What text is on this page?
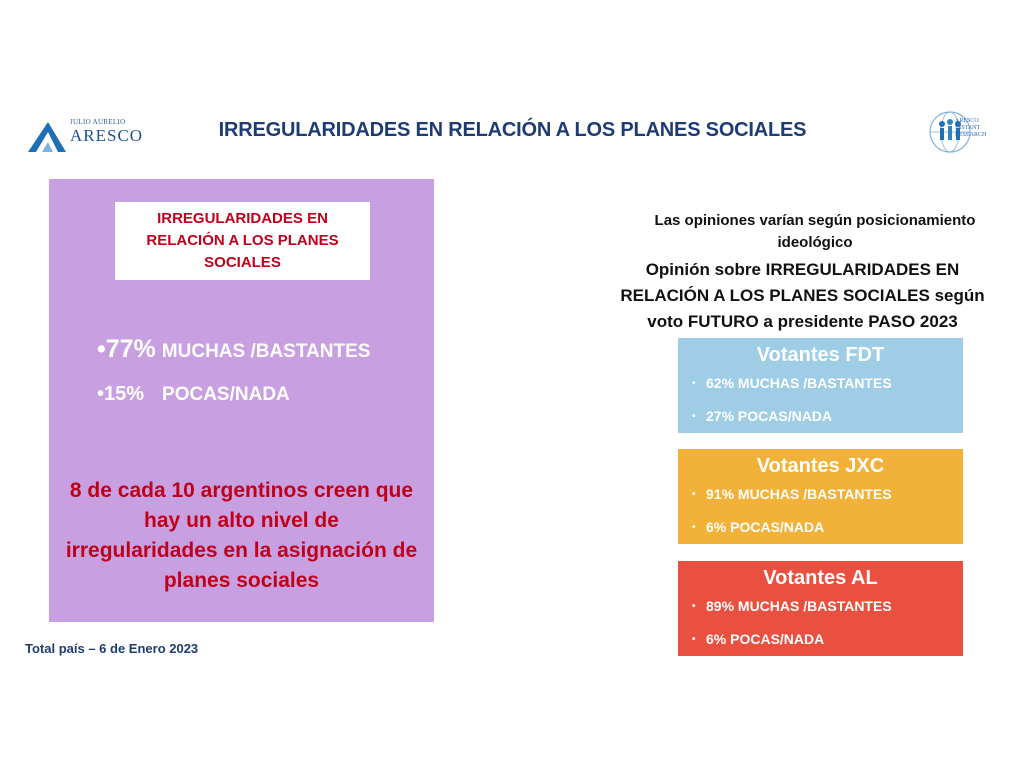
JULIO AURELIO
ARESCO	IRREGULARIDADES EN RELACIÓN A LOS PLANES SOCIALES	ARESCO
INSTANT
RESEARCH
IRREGULARIDADES EN
RELACIÓN A LOS PLANES
SOCIALES
•77% MUCHAS /BASTANTES
•15% POCAS/NADA
8 de cada 10 argentinos creen que
hay un alto nivel de
irregularidades en la asignación de
planes sociales
Total país – 6 de Enero 2023
Las opiniones varían según posicionamiento
ideológico
Opinión sobre IRREGULARIDADES EN
RELACIÓN A LOS PLANES SOCIALES según
voto FUTURO a presidente PASO 2023
Votantes FDT
• 62% MUCHAS /BASTANTES
• 27% POCAS/NADA
Votantes JXC
• 91% MUCHAS /BASTANTES
• 6% POCAS/NADA
Votantes AL
• 89% MUCHAS /BASTANTES
• 6% POCAS/NADA
